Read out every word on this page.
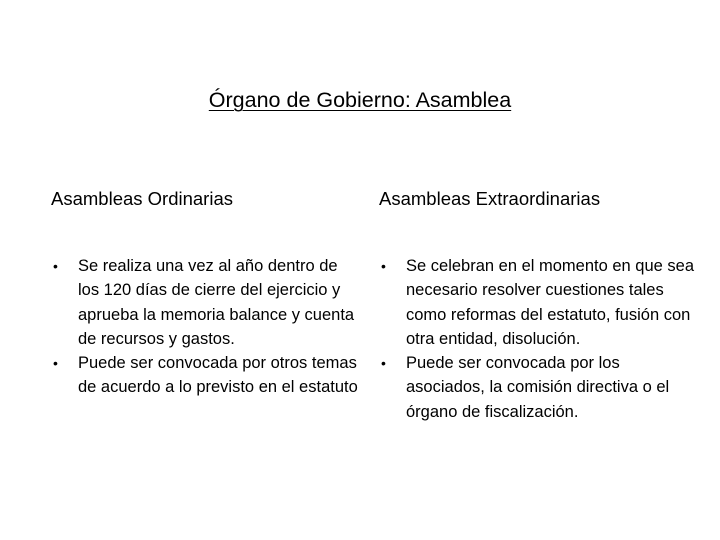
Órgano de Gobierno: Asamblea
Asambleas Ordinarias
• Se realiza una vez al año dentro de los 120 días de cierre del ejercicio y aprueba la memoria balance y cuenta de recursos y gastos.
• Puede ser convocada por otros temas de acuerdo a lo previsto en el estatuto
Asambleas Extraordinarias
• Se celebran en el momento en que sea necesario resolver cuestiones tales como reformas del estatuto, fusión con otra entidad, disolución.
• Puede ser convocada por los asociados, la comisión directiva o el órgano de fiscalización.
